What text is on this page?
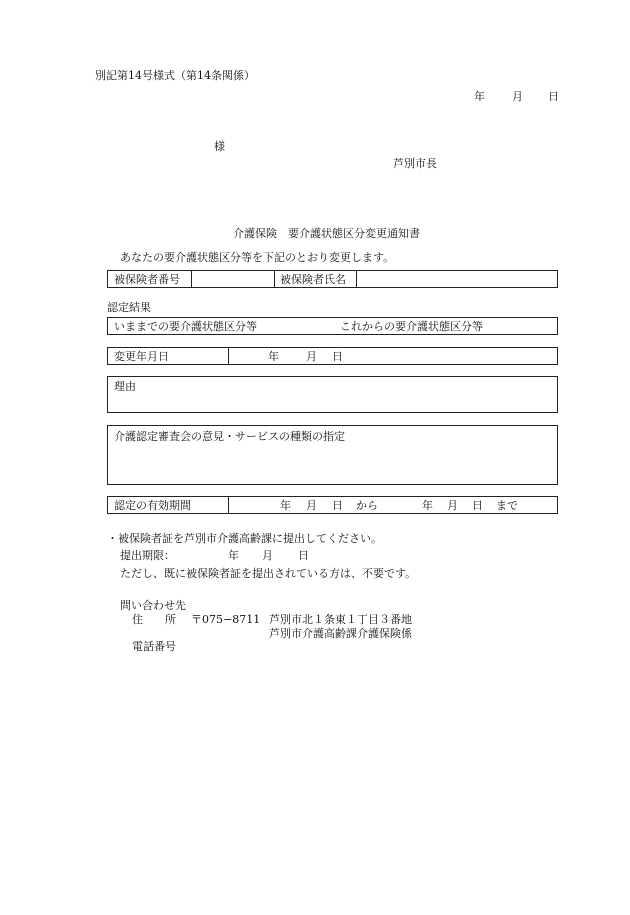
別記第14号様式（第14条関係）
年 月 日
様
芦別市長
介護保険　要介護状態区分変更通知書
あなたの要介護状態区分等を下記のとおり変更します。
被保険者番号	被保険者氏名
認定結果
いままでの要介護状態区分等	これからの要介護状態区分等
変更年月日	年 月 日
理由
介護認定審査会の意見・サービスの種類の指定
認定の有効期間	年 月 日 から	年 月 日 まで
・被保険者証を芦別市介護高齢課に提出してください。
提出期限：	年 月 日
ただし、既に被保険者証を提出されている方は、不要です。
問い合わせ先
住　　所 〒075−8711 芦別市北１条東１丁目３番地
芦別市介護高齢課介護保険係
電話番号
